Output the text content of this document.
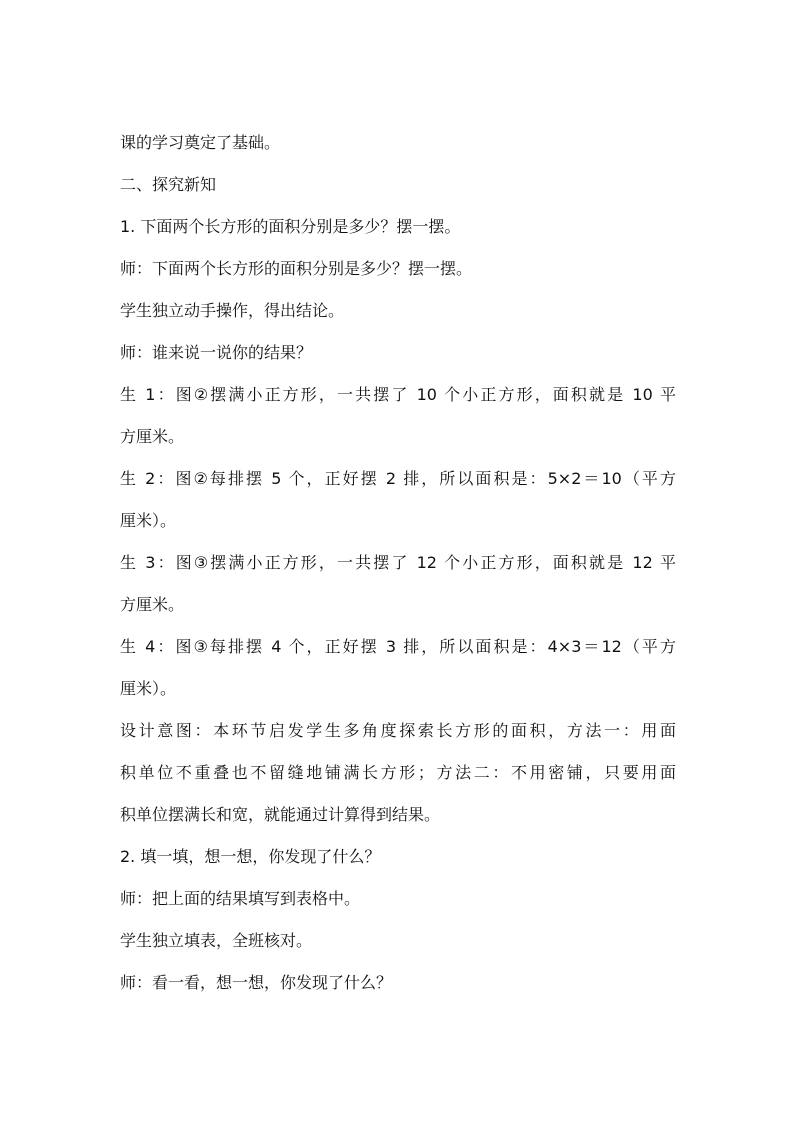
课的学习奠定了基础。
二、探究新知
1. 下面两个长方形的面积分别是多少？摆一摆。
师：下面两个长方形的面积分别是多少？摆一摆。
学生独立动手操作，得出结论。
师：谁来说一说你的结果？
生 1：图②摆满小正方形，一共摆了 10 个小正方形，面积就是 10 平
方厘米。
生 2：图②每排摆 5 个，正好摆 2 排，所以面积是：5×2＝10（平方
厘米）。
生 3：图③摆满小正方形，一共摆了 12 个小正方形，面积就是 12 平
方厘米。
生 4：图③每排摆 4 个，正好摆 3 排，所以面积是：4×3＝12（平方
厘米）。
设计意图：本环节启发学生多角度探索长方形的面积，方法一：用面
积单位不重叠也不留缝地铺满长方形；方法二：不用密铺，只要用面
积单位摆满长和宽，就能通过计算得到结果。
2. 填一填，想一想，你发现了什么？
师：把上面的结果填写到表格中。
学生独立填表，全班核对。
师：看一看，想一想，你发现了什么？
